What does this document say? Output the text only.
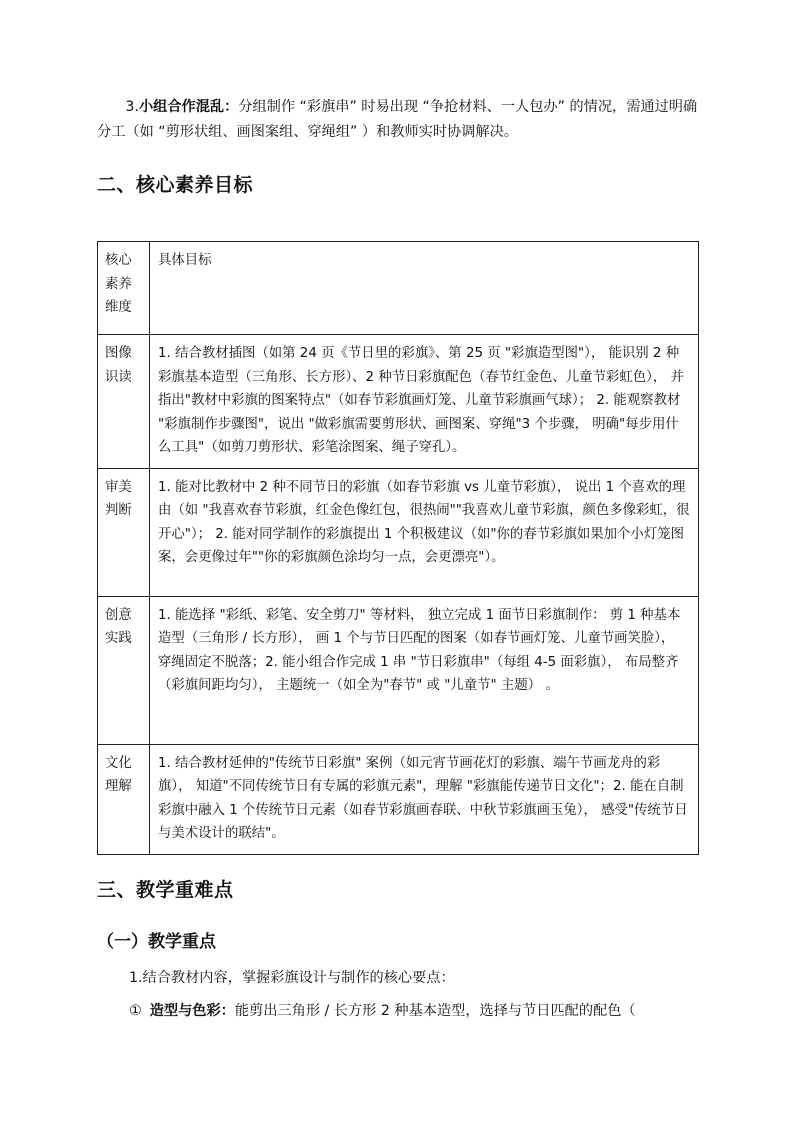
3.小组合作混乱：分组制作 “彩旗串” 时易出现 “争抢材料、一人包办” 的情况，需通过明确分工（如 “剪形状组、画图案组、穿绳组” ）和教师实时协调解决。

二、核心素养目标
核心素养维度	具体目标
图像识读	1. 结合教材插图（如第 24 页《节日里的彩旗》、第 25 页 "彩旗造型图"）， 能识别 2 种彩旗基本造型（三角形、长方形）、2 种节日彩旗配色（春节红金色、儿童节彩虹色）， 并指出"教材中彩旗的图案特点"（如春节彩旗画灯笼、儿童节彩旗画气球）； 2. 能观察教材 "彩旗制作步骤图"，说出 "做彩旗需要剪形状、画图案、穿绳"3 个步骤， 明确"每步用什么工具"（如剪刀剪形状、彩笔涂图案、绳子穿孔）。
审美判断	1. 能对比教材中 2 种不同节日的彩旗（如春节彩旗 vs 儿童节彩旗）， 说出 1 个喜欢的理由（如 "我喜欢春节彩旗，红金色像红包，很热闹""我喜欢儿童节彩旗，颜色多像彩虹，很开心"）； 2. 能对同学制作的彩旗提出 1 个积极建议（如"你的春节彩旗如果加个小灯笼图案，会更像过年""你的彩旗颜色涂均匀一点，会更漂亮"）。
创意实践	1. 能选择 "彩纸、彩笔、安全剪刀" 等材料， 独立完成 1 面节日彩旗制作： 剪 1 种基本造型（三角形 / 长方形）， 画 1 个与节日匹配的图案（如春节画灯笼、儿童节画笑脸）， 穿绳固定不脱落；2. 能小组合作完成 1 串 "节日彩旗串"（每组 4-5 面彩旗）， 布局整齐（彩旗间距均匀）， 主题统一（如全为"春节" 或 "儿童节" 主题） 。
文化理解	1. 结合教材延伸的"传统节日彩旗" 案例（如元宵节画花灯的彩旗、端午节画龙舟的彩旗）， 知道"不同传统节日有专属的彩旗元素"，理解 "彩旗能传递节日文化"；2. 能在自制彩旗中融入 1 个传统节日元素（如春节彩旗画春联、中秋节彩旗画玉兔）， 感受"传统节日与美术设计的联结"。
三、教学重难点
（一）教学重点

1.结合教材内容，掌握彩旗设计与制作的核心要点：

① 造型与色彩：能剪出三角形 / 长方形 2 种基本造型，选择与节日匹配的配色（
